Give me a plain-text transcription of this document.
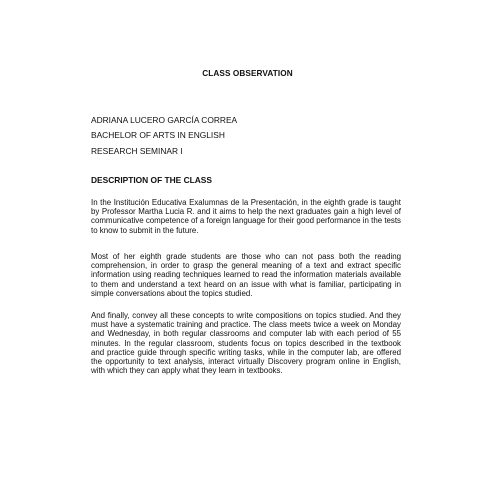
CLASS OBSERVATION

ADRIANA LUCERO GARCÍA CORREA

BACHELOR OF ARTS IN ENGLISH

RESEARCH SEMINAR I

DESCRIPTION OF THE CLASS

In the Institución Educativa Exalumnas de la Presentación, in the eighth grade is taught by Professor Martha Lucia R. and it aims to help the next graduates gain a high level of communicative competence of a foreign language for their good performance in the tests to know to submit in the future.

Most of her eighth grade students are those who can not pass both the reading comprehension, in order to grasp the general meaning of a text and extract specific information using reading techniques learned to read the information materials available to them and understand a text heard on an issue with what is familiar, participating in simple conversations about the topics studied.

And finally, convey all these concepts to write compositions on topics studied. And they must have a systematic training and practice. The class meets twice a week on Monday and Wednesday, in both regular classrooms and computer lab with each period of 55 minutes. In the regular classroom, students focus on topics described in the textbook and practice guide through specific writing tasks, while in the computer lab, are offered the opportunity to text analysis, interact virtually Discovery program online in English, with which they can apply what they learn in textbooks.
